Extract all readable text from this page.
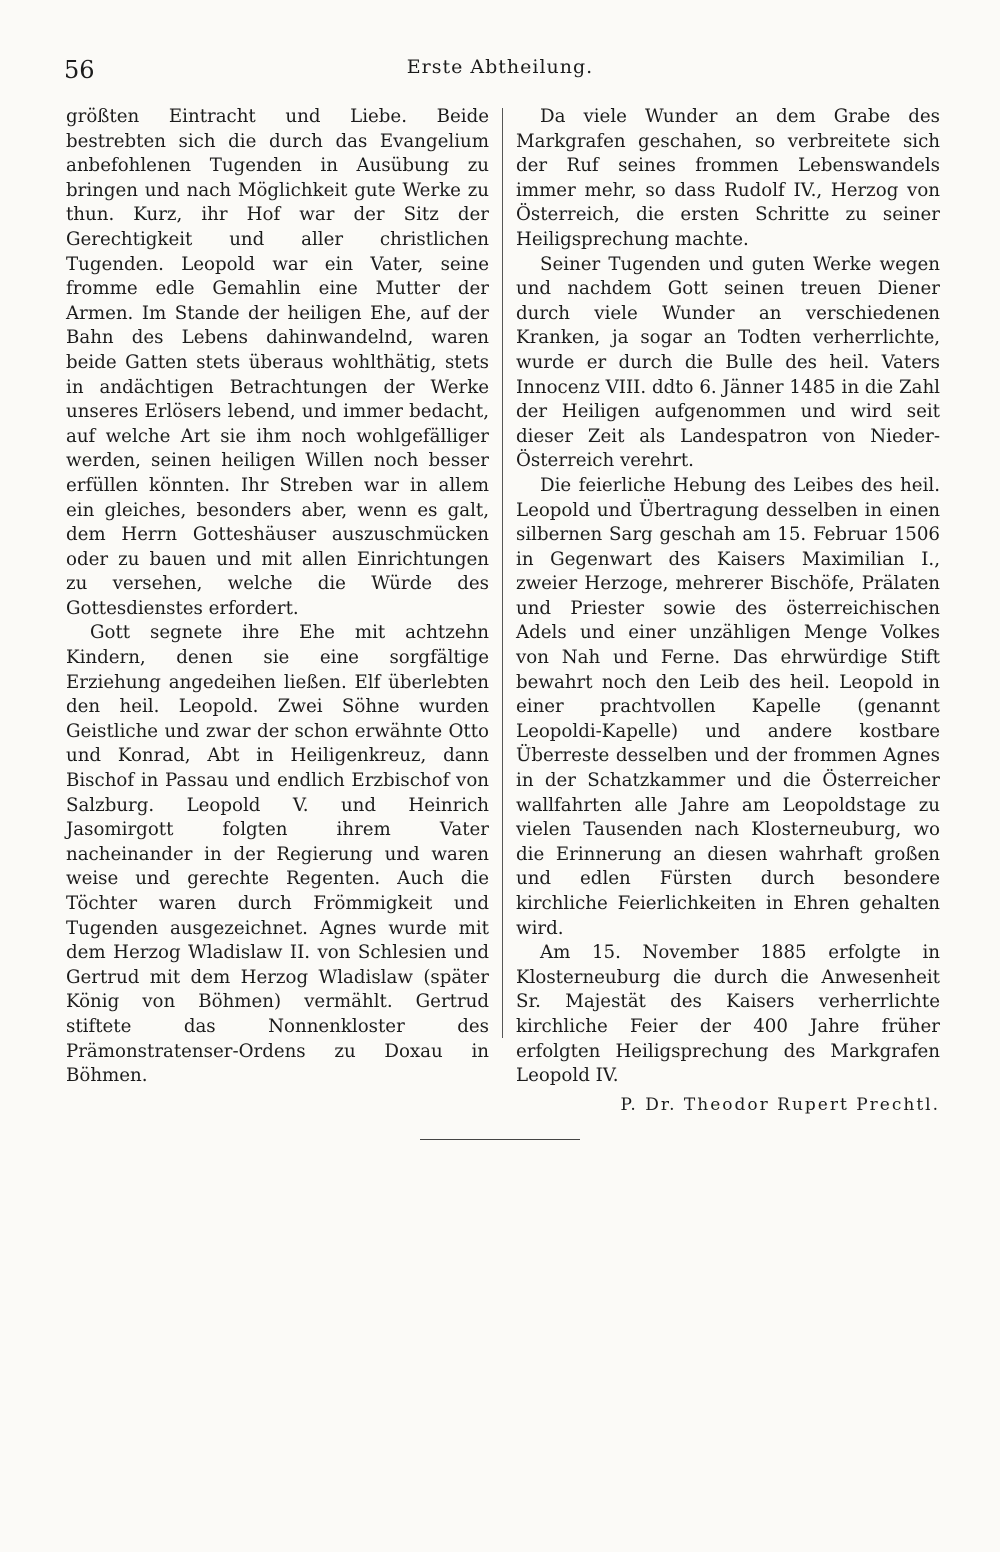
56	Erste Abtheilung.

größten Eintracht und Liebe. Beide bestrebten sich die durch das Evangelium anbefohlenen Tugenden in Ausübung zu bringen und nach Möglichkeit gute Werke zu thun. Kurz, ihr Hof war der Sitz der Gerechtigkeit und aller christlichen Tugenden. Leopold war ein Vater, seine fromme edle Gemahlin eine Mutter der Armen. Im Stande der heiligen Ehe, auf der Bahn des Lebens dahinwandelnd, waren beide Gatten stets überaus wohlthätig, stets in andächtigen Betrachtungen der Werke unseres Erlösers lebend, und immer bedacht, auf welche Art sie ihm noch wohlgefälliger werden, seinen heiligen Willen noch besser erfüllen könnten. Ihr Streben war in allem ein gleiches, besonders aber, wenn es galt, dem Herrn Gotteshäuser auszuschmücken oder zu bauen und mit allen Einrichtungen zu versehen, welche die Würde des Gottesdienstes erfordert.

Gott segnete ihre Ehe mit achtzehn Kindern, denen sie eine sorgfältige Erziehung angedeihen ließen. Elf überlebten den heil. Leopold. Zwei Söhne wurden Geistliche und zwar der schon erwähnte Otto und Konrad, Abt in Heiligenkreuz, dann Bischof in Passau und endlich Erzbischof von Salzburg. Leopold V. und Heinrich Jasomirgott folgten ihrem Vater nacheinander in der Regierung und waren weise und gerechte Regenten. Auch die Töchter waren durch Frömmigkeit und Tugenden ausgezeichnet. Agnes wurde mit dem Herzog Wladislaw II. von Schlesien und Gertrud mit dem Herzog Wladislaw (später König von Böhmen) vermählt. Gertrud stiftete das Nonnenkloster des Prämonstratenser-Ordens zu Doxau in Böhmen.

Da viele Wunder an dem Grabe des Markgrafen geschahen, so verbreitete sich der Ruf seines frommen Lebenswandels immer mehr, so dass Rudolf IV., Herzog von Österreich, die ersten Schritte zu seiner Heiligsprechung machte.

Seiner Tugenden und guten Werke wegen und nachdem Gott seinen treuen Diener durch viele Wunder an verschiedenen Kranken, ja sogar an Todten verherrlichte, wurde er durch die Bulle des heil. Vaters Innocenz VIII. ddto 6. Jänner 1485 in die Zahl der Heiligen aufgenommen und wird seit dieser Zeit als Landespatron von Nieder-Österreich verehrt.

Die feierliche Hebung des Leibes des heil. Leopold und Übertragung desselben in einen silbernen Sarg geschah am 15. Februar 1506 in Gegenwart des Kaisers Maximilian I., zweier Herzoge, mehrerer Bischöfe, Prälaten und Priester sowie des österreichischen Adels und einer unzähligen Menge Volkes von Nah und Ferne. Das ehrwürdige Stift bewahrt noch den Leib des heil. Leopold in einer prachtvollen Kapelle (genannt Leopoldi-Kapelle) und andere kostbare Überreste desselben und der frommen Agnes in der Schatzkammer und die Österreicher wallfahrten alle Jahre am Leopoldstage zu vielen Tausenden nach Klosterneuburg, wo die Erinnerung an diesen wahrhaft großen und edlen Fürsten durch besondere kirchliche Feierlichkeiten in Ehren gehalten wird.

Am 15. November 1885 erfolgte in Klosterneuburg die durch die Anwesenheit Sr. Majestät des Kaisers verherrlichte kirchliche Feier der 400 Jahre früher erfolgten Heiligsprechung des Markgrafen Leopold IV.

P. Dr. Theodor Rupert Prechtl.
